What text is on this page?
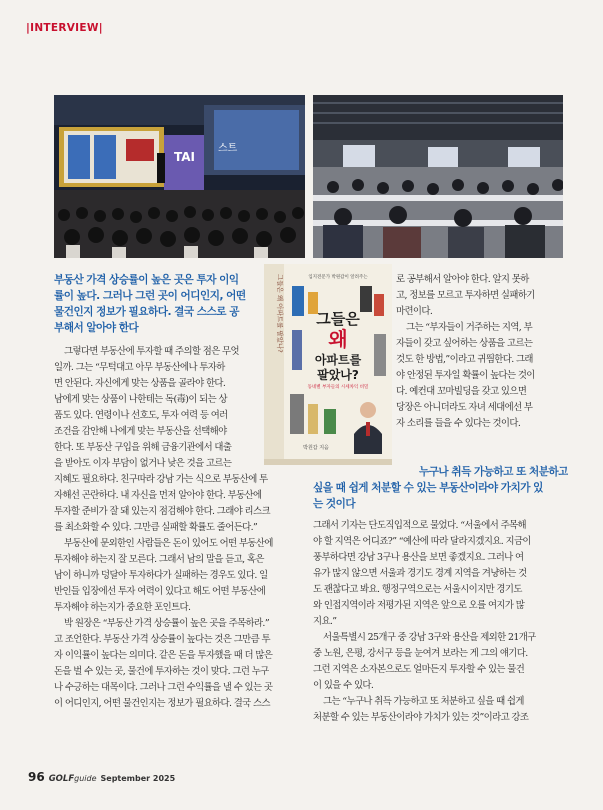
|INTERVIEW|
TAI
스트
부동산 가격 상승률이 높은 곳은 투자 이익
률이 높다. 그러나 그런 곳이 어디인지, 어떤
물건인지 정보가 필요하다. 결국 스스로 공
부해서 알아야 한다
그렇다면 부동산에 투자할 때 주의할 점은 무엇
일까. 그는 “무턱대고 아무 부동산에나 투자하
면 안된다. 자신에게 맞는 상품을 골라야 한다.
남에게 맞는 상품이 나한테는 독(毒)이 되는 상
품도 있다. 연령이나 선호도, 투자 여력 등 여러
조건을 감안해 나에게 맞는 부동산을 선택해야
한다. 또 부동산 구입을 위해 금융기관에서 대출
을 받아도 이자 부담이 없거나 낮은 것을 고르는
지혜도 필요하다. 친구따라 강남 가는 식으로 부동산에 투
자해선 곤란하다. 내 자신을 먼저 알아야 한다. 부동산에
투자할 준비가 잘 돼 있는지 점검해야 한다. 그래야 리스크
를 최소화할 수 있다. 그만큼 실패할 확률도 줄어든다.”
부동산에 문외한인 사람들은 돈이 있어도 어떤 부동산에
투자해야 하는지 잘 모른다. 그래서 남의 말을 듣고, 혹은
남이 하니까 덩달아 투자하다가 실패하는 경우도 있다. 일
반인들 입장에선 투자 여력이 있다고 해도 어떤 부동산에
투자해야 하는지가 중요한 포인트다.
박 원장은 “부동산 가격 상승률이 높은 곳을 주목하라.”
고 조언한다. 부동산 가격 상승률이 높다는 것은 그만큼 투
자 이익률이 높다는 의미다. 같은 돈을 투자했을 때 더 많은
돈을 벌 수 있는 곳, 물건에 투자하는 것이 맞다. 그런 누구
나 수긍하는 대목이다. 그러나 그런 수익률을 낼 수 있는 곳
이 어디인지, 어떤 물건인지는 정보가 필요하다. 결국 스스
그들은 왜 아파트를 팔았나?	입지전문가 박원갑이 알려주는
그들은
왜
아파트를
팔았나?
동네별 부자들의 시세차익 비밀
박원갑 지음
로 공부해서 알아야 한다. 알지 못하
고, 정보를 모르고 투자하면 실패하기
마련이다.
그는 “부자들이 거주하는 지역, 부
자들이 갖고 싶어하는 상품을 고르는
것도 한 방법,”이라고 귀띔한다. 그래
야 안정된 투자일 확률이 높다는 것이
다. 예컨대 꼬마빌딩을 갖고 있으면
당장은 아니더라도 자녀 세대에선 부
자 소리를 들을 수 있다는 것이다.
누구나 취득 가능하고 또 처분하고
싶을 때 쉽게 처분할 수 있는 부동산이라야 가치가 있
는 것이다
그래서 기자는 단도직입적으로 물었다. “서울에서 주목해
야 할 지역은 어디죠?” “예산에 따라 달라지겠지요. 지금이
풍부하다면 강남 3구나 용산을 보면 좋겠지요. 그러나 여
유가 많지 않으면 서울과 경기도 경계 지역을 겨냥하는 것
도 괜찮다고 봐요. 행정구역으로는 서울시이지만 경기도
와 인접지역이라 저평가된 지역은 앞으로 오를 여지가 많
지요.”
서울특별시 25개구 중 강남 3구와 용산을 제외한 21개구
중 노원, 은평, 강서구 등을 눈여겨 보라는 게 그의 얘기다.
그런 지역은 소자본으로도 얼마든지 투자할 수 있는 물건
이 있을 수 있다.
그는 “누구나 취득 가능하고 또 처분하고 싶을 때 쉽게
처분할 수 있는 부동산이라야 가치가 있는 것”이라고 강조
96 GOLFguide September 2025
